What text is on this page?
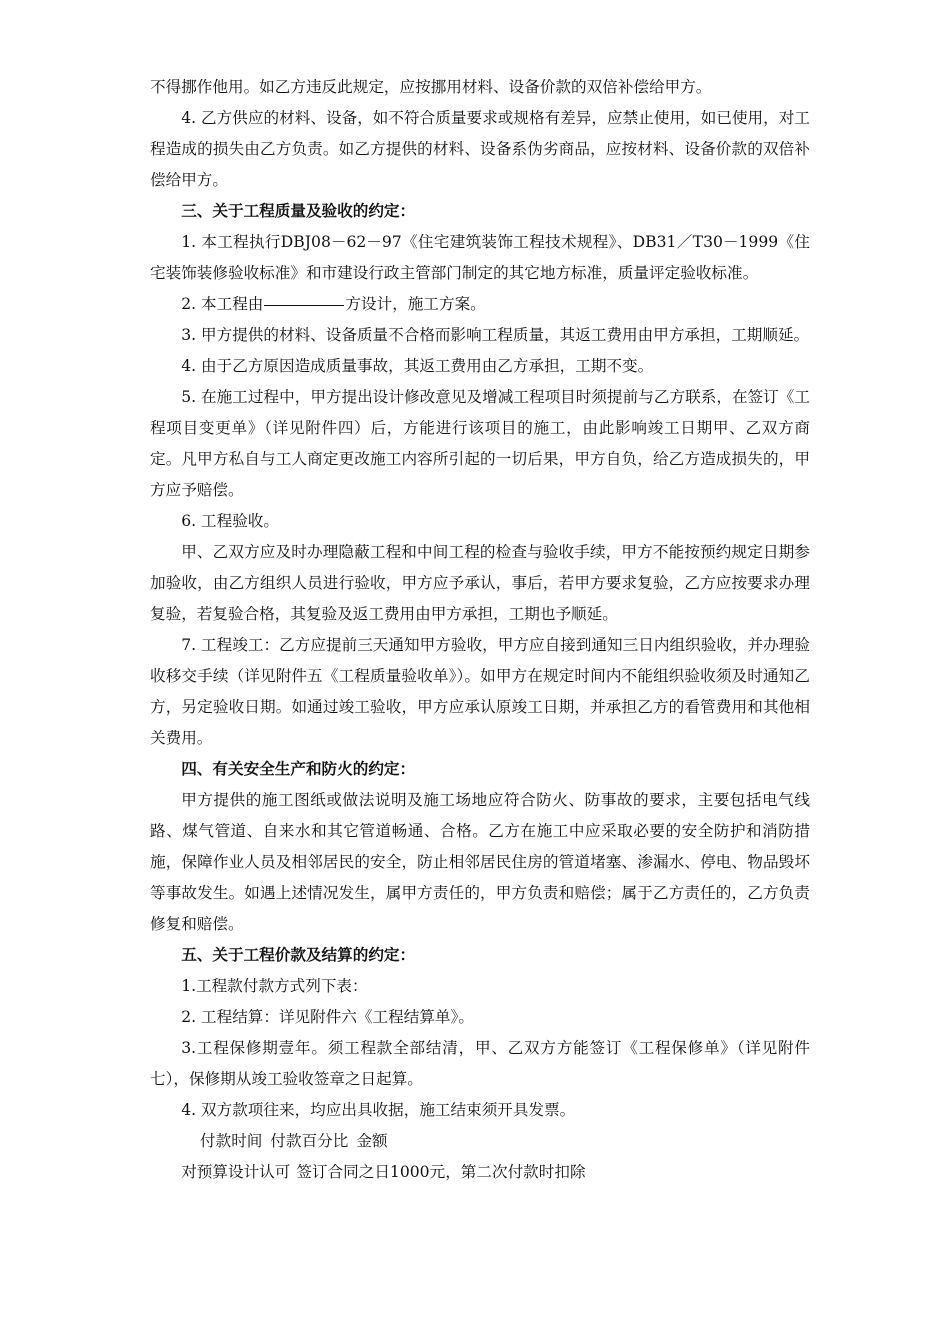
不得挪作他用。如乙方违反此规定，应按挪用材料、设备价款的双倍补偿给甲方。

4. 乙方供应的材料、设备，如不符合质量要求或规格有差异，应禁止使用，如已使用，对工程造成的损失由乙方负责。如乙方提供的材料、设备系伪劣商品，应按材料、设备价款的双倍补偿给甲方。

三、关于工程质量及验收的约定：

1. 本工程执行DBJ08－62－97《住宅建筑装饰工程技术规程》、DB31／T30－1999《住宅装饰装修验收标准》和市建设行政主管部门制定的其它地方标准，质量评定验收标准。

2. 本工程由	方设计，施工方案。

3. 甲方提供的材料、设备质量不合格而影响工程质量，其返工费用由甲方承担，工期顺延。

4. 由于乙方原因造成质量事故，其返工费用由乙方承担，工期不变。

5. 在施工过程中，甲方提出设计修改意见及增减工程项目时须提前与乙方联系，在签订《工程项目变更单》（详见附件四）后，方能进行该项目的施工，由此影响竣工日期甲、乙双方商定。凡甲方私自与工人商定更改施工内容所引起的一切后果，甲方自负，给乙方造成损失的，甲方应予赔偿。

6. 工程验收。

甲、乙双方应及时办理隐蔽工程和中间工程的检查与验收手续，甲方不能按预约规定日期参加验收，由乙方组织人员进行验收，甲方应予承认，事后，若甲方要求复验，乙方应按要求办理复验，若复验合格，其复验及返工费用由甲方承担，工期也予顺延。

7. 工程竣工：乙方应提前三天通知甲方验收，甲方应自接到通知三日内组织验收，并办理验收移交手续（详见附件五《工程质量验收单》）。如甲方在规定时间内不能组织验收须及时通知乙方，另定验收日期。如通过竣工验收，甲方应承认原竣工日期，并承担乙方的看管费用和其他相关费用。

四、有关安全生产和防火的约定：

甲方提供的施工图纸或做法说明及施工场地应符合防火、防事故的要求，主要包括电气线路、煤气管道、自来水和其它管道畅通、合格。乙方在施工中应采取必要的安全防护和消防措施，保障作业人员及相邻居民的安全，防止相邻居民住房的管道堵塞、渗漏水、停电、物品毁坏等事故发生。如遇上述情况发生，属甲方责任的，甲方负责和赔偿；属于乙方责任的，乙方负责修复和赔偿。

五、关于工程价款及结算的约定：

1.工程款付款方式列下表：

2. 工程结算：详见附件六《工程结算单》。

3.工程保修期壹年。须工程款全部结清，甲、乙双方方能签订《工程保修单》（详见附件七），保修期从竣工验收签章之日起算。

4. 双方款项往来，均应出具收据，施工结束须开具发票。

付款时间 付款百分比 金额

对预算设计认可 签订合同之日1000元，第二次付款时扣除
